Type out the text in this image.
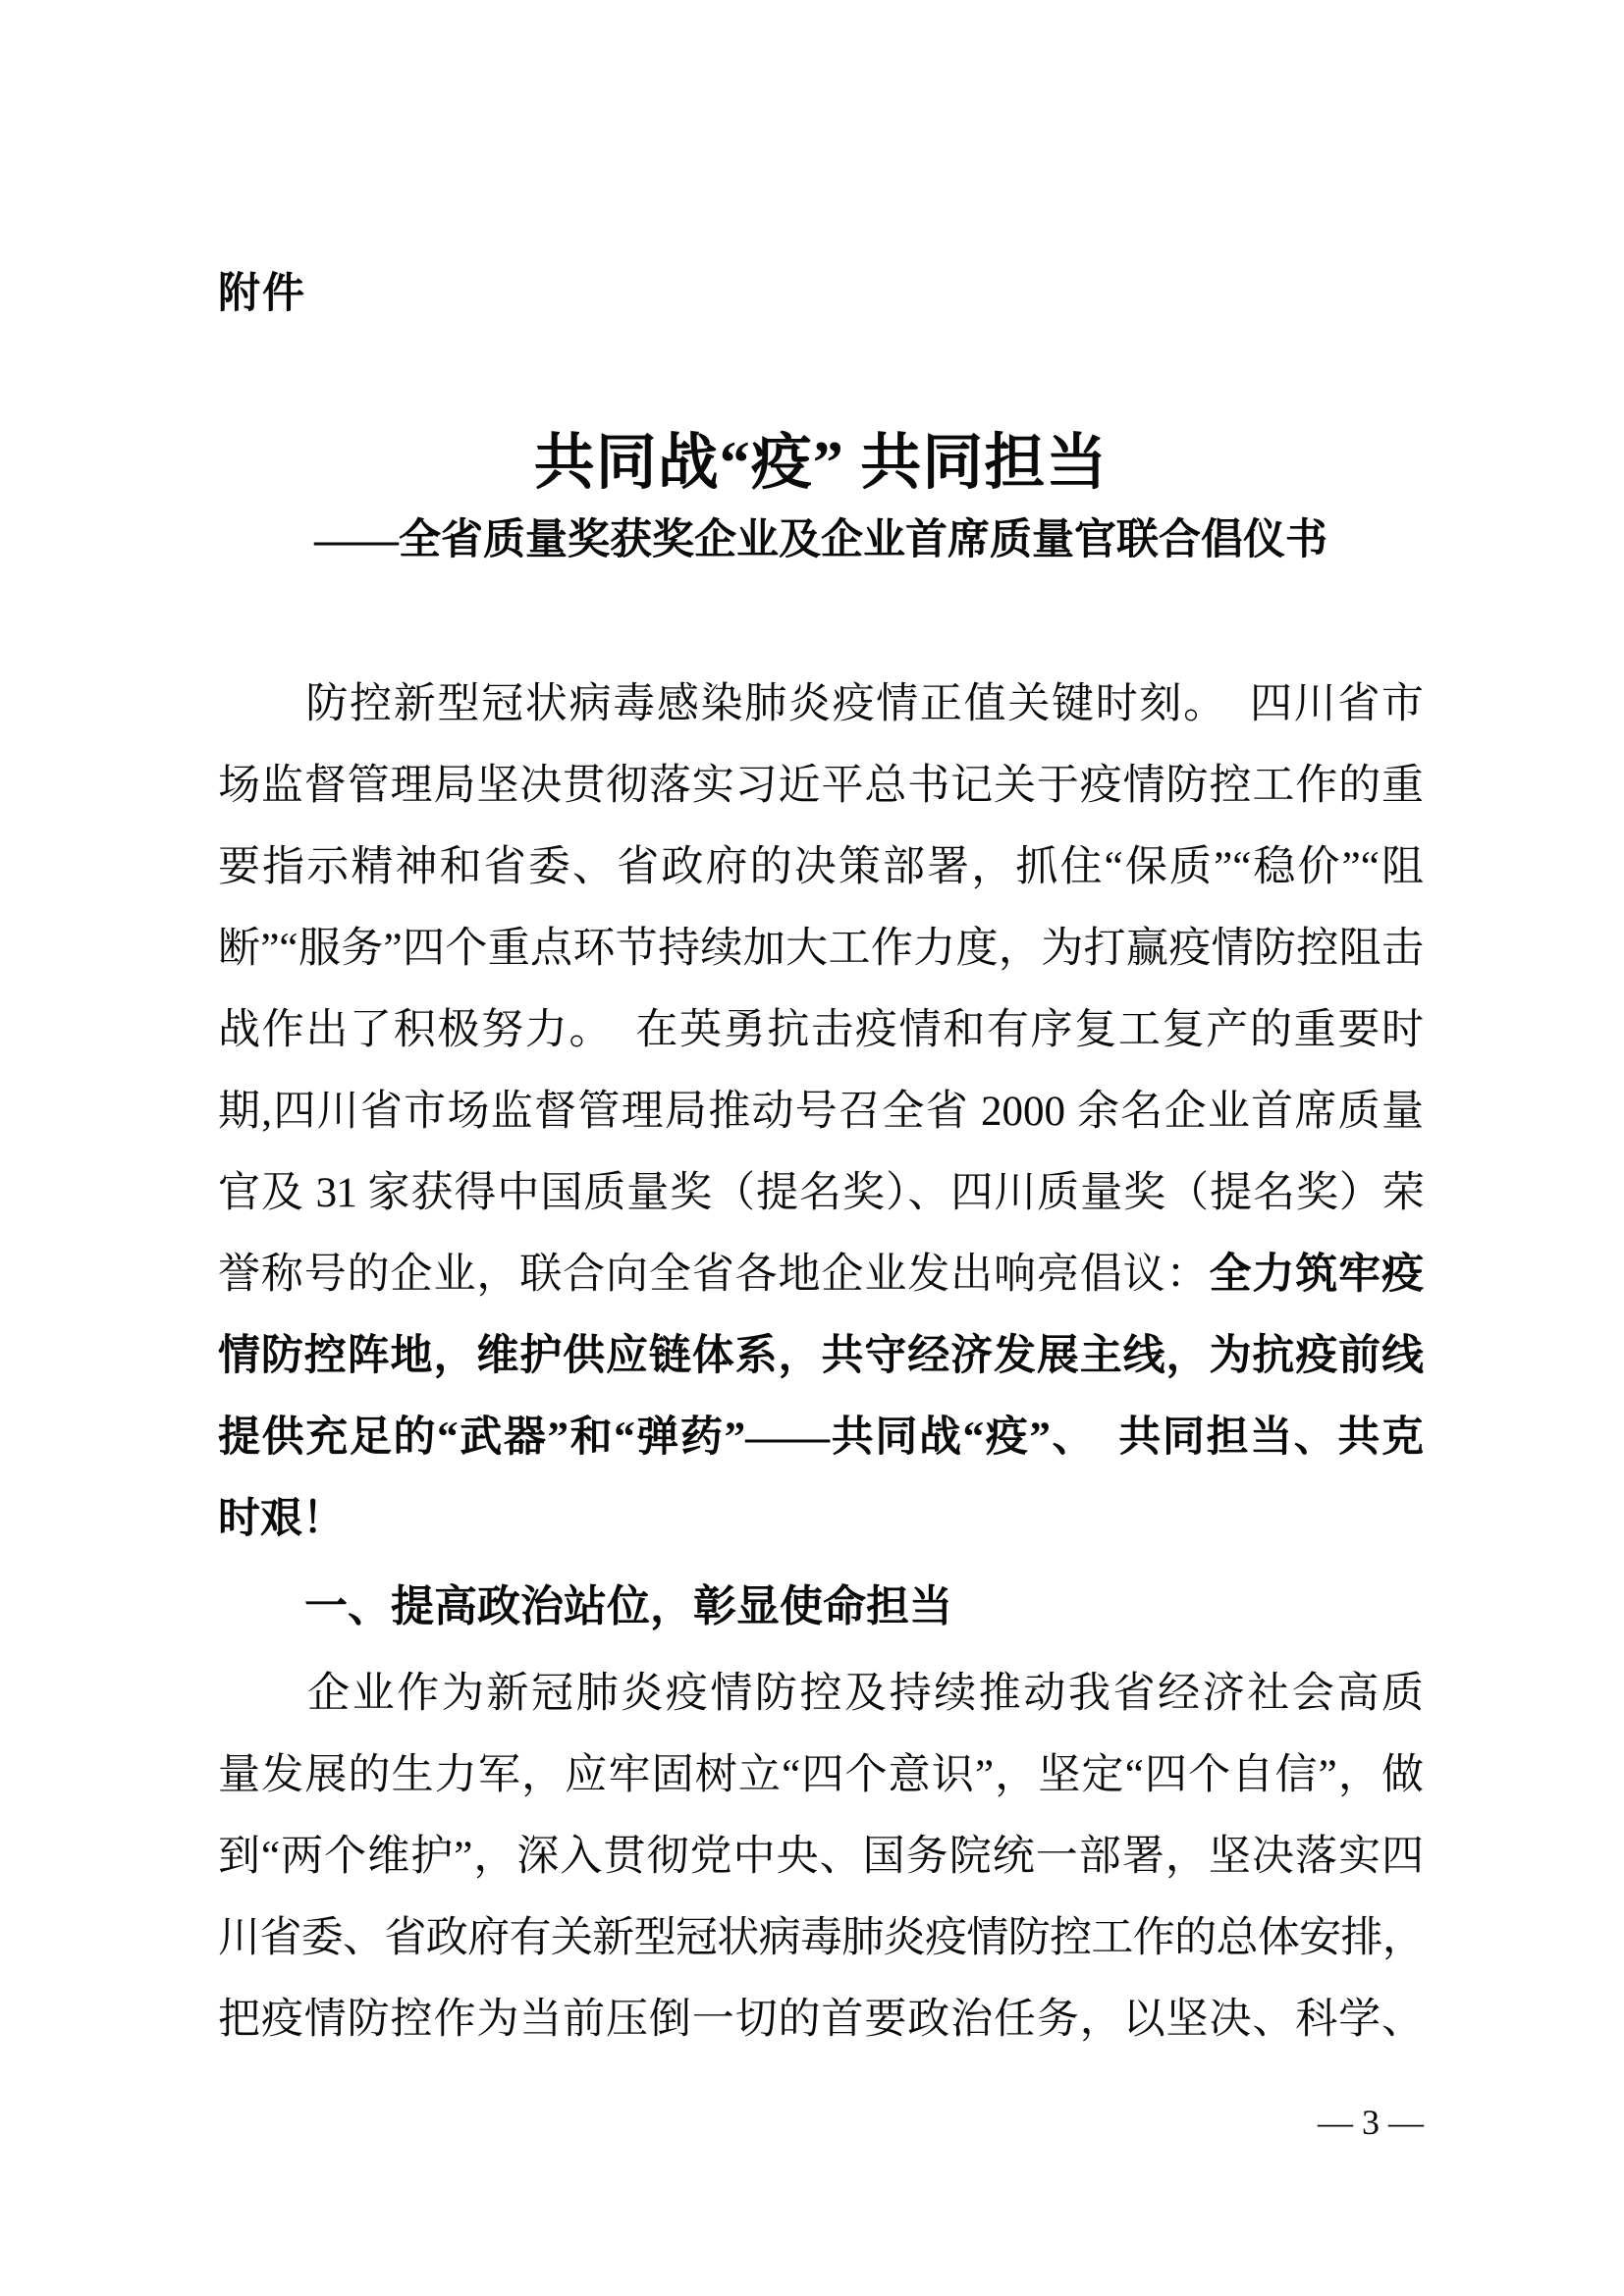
附件
共同战“疫” 共同担当
——全省质量奖获奖企业及企业首席质量官联合倡仪书
　　防控新型冠状病毒感染肺炎疫情正值关键时刻。　四川省市
场监督管理局坚决贯彻落实习近平总书记关于疫情防控工作的重
要指示精神和省委、省政府的决策部署，抓住“保质”“稳价”“阻
断”“服务”四个重点环节持续加大工作力度，为打赢疫情防控阻击
战作出了积极努力。　在英勇抗击疫情和有序复工复产的重要时
期,四川省市场监督管理局推动号召全省 2000 余名企业首席质量
官及 31 家获得中国质量奖（提名奖）、四川质量奖（提名奖）荣
誉称号的企业，联合向全省各地企业发出响亮倡议：全力筑牢疫
情防控阵地，维护供应链体系，共守经济发展主线，为抗疫前线
提供充足的“武器”和“弹药”——共同战“疫”、　共同担当、共克
时艰！
一、提高政治站位，彰显使命担当
　　企业作为新冠肺炎疫情防控及持续推动我省经济社会高质
量发展的生力军，应牢固树立“四个意识”，坚定“四个自信”，做
到“两个维护”，深入贯彻党中央、国务院统一部署，坚决落实四
川省委、省政府有关新型冠状病毒肺炎疫情防控工作的总体安排，
把疫情防控作为当前压倒一切的首要政治任务，以坚决、科学、
— 3 —
